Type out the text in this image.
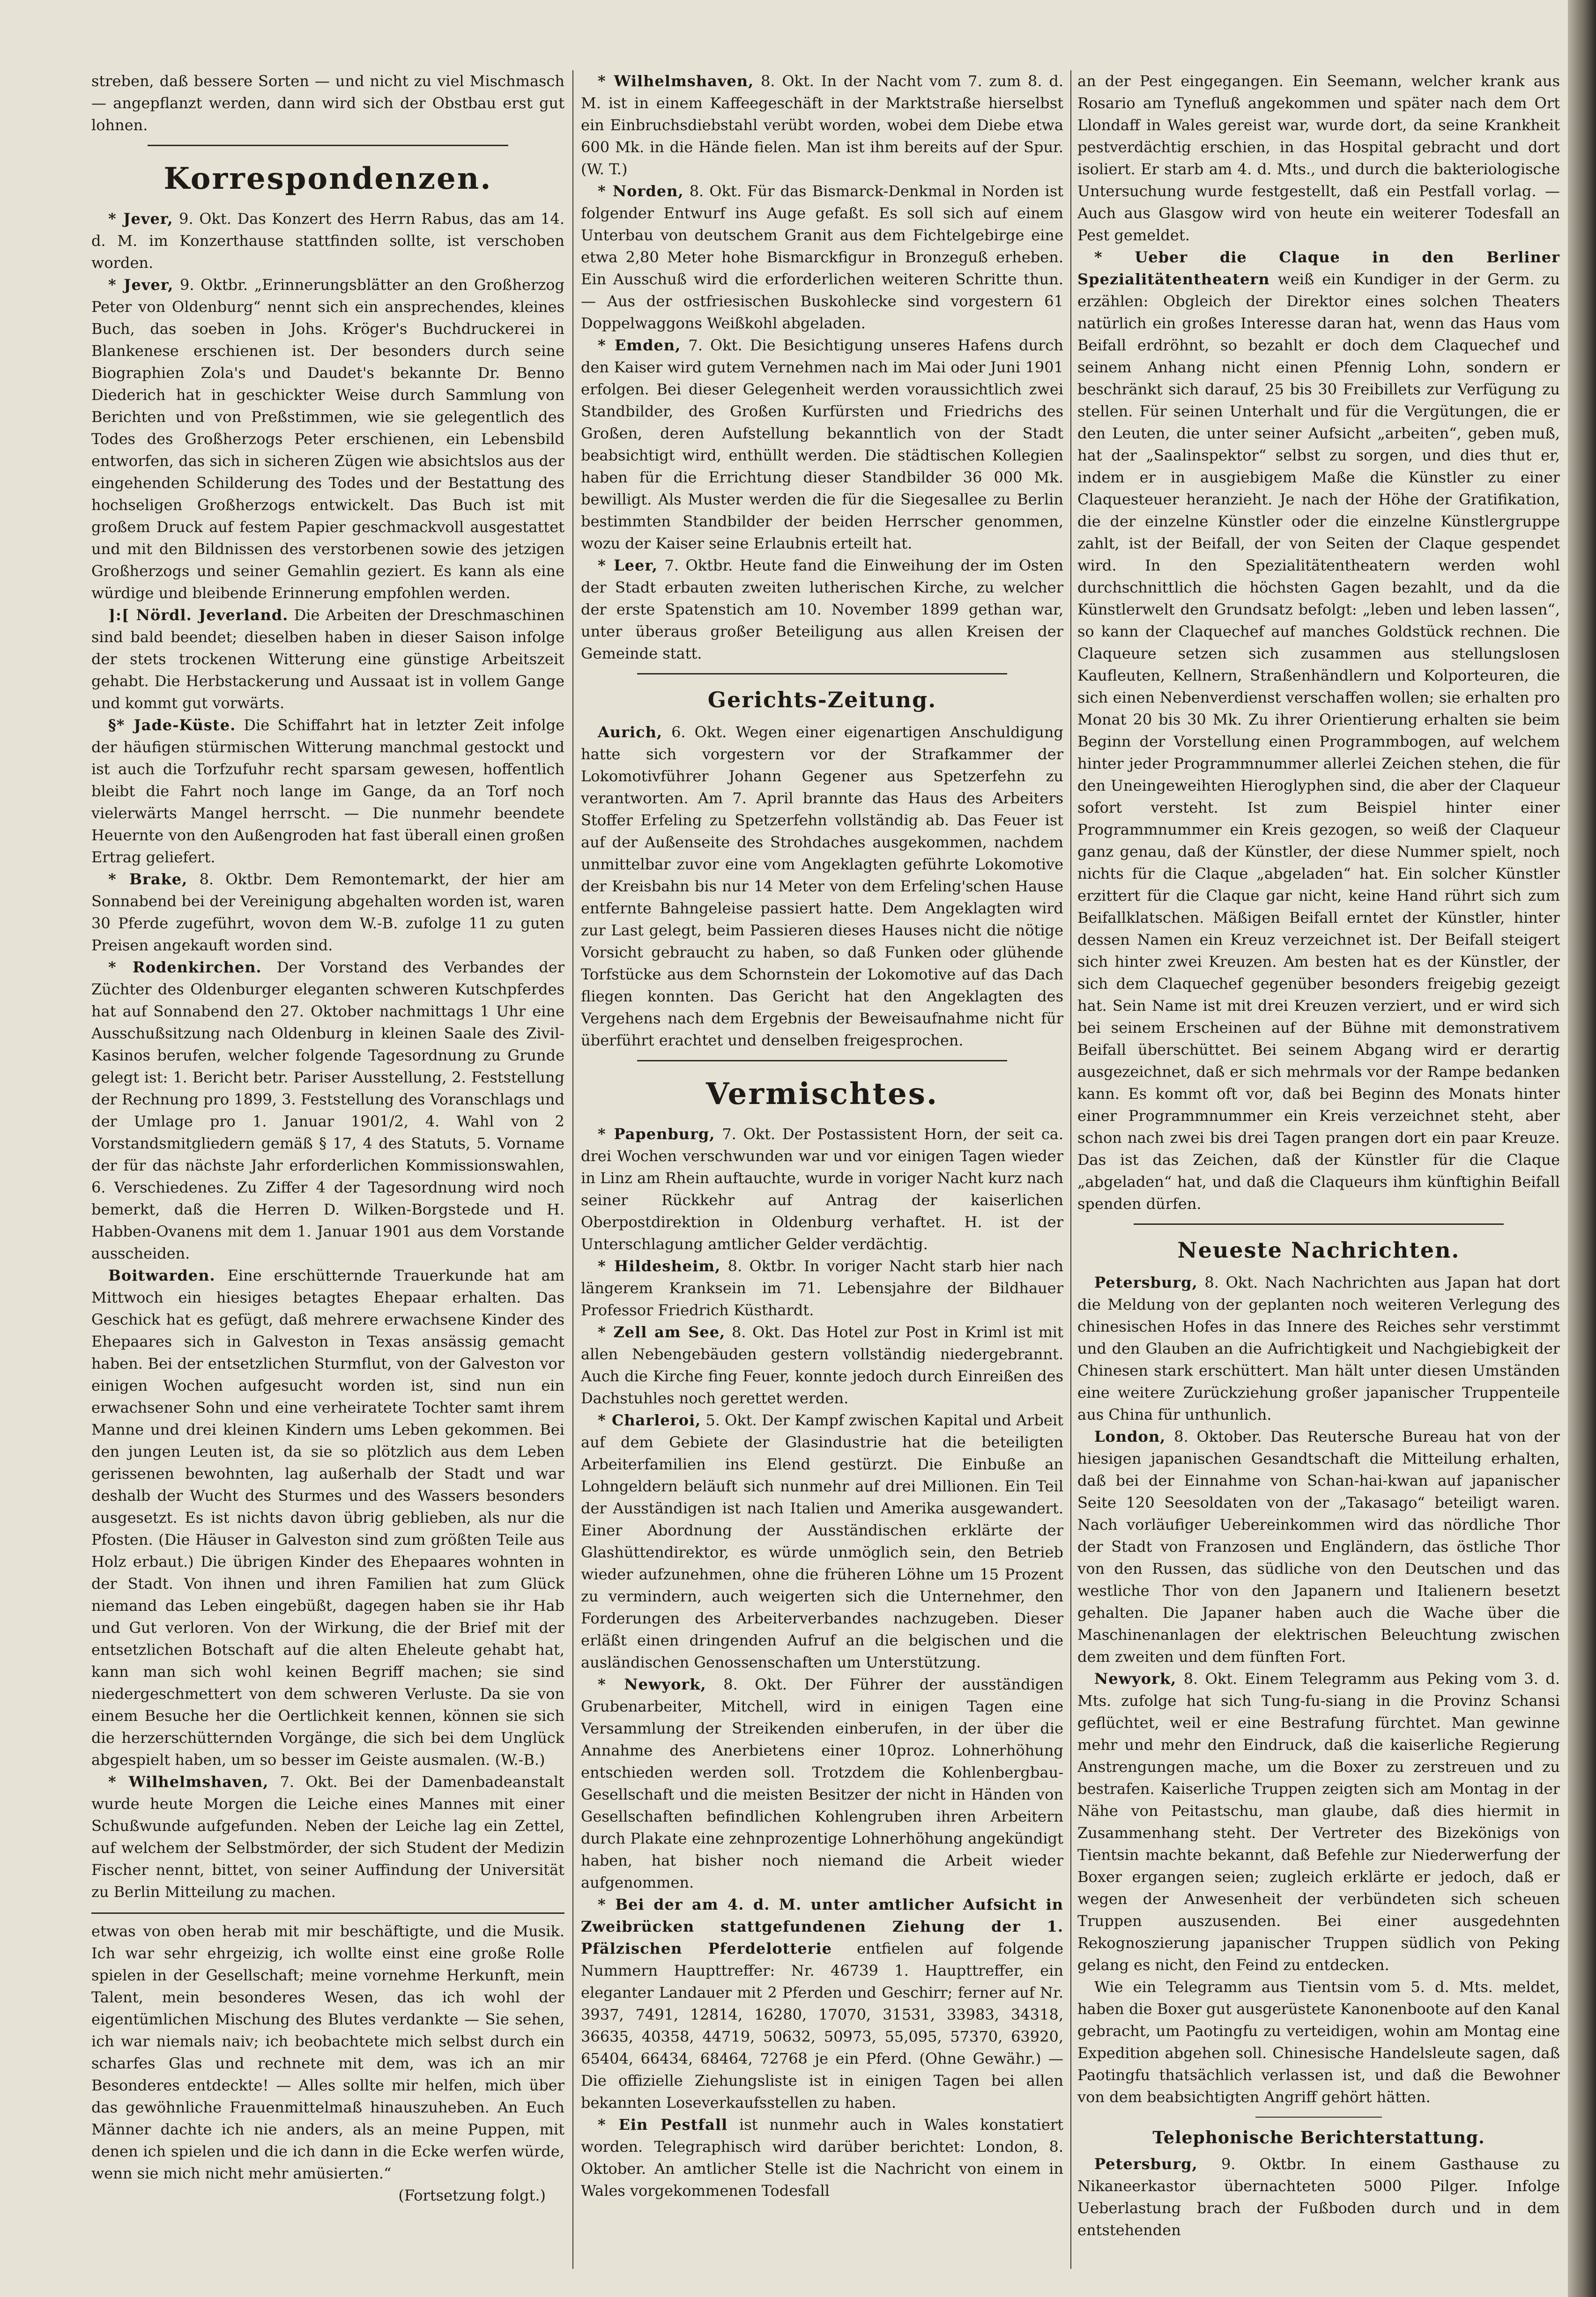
streben, daß bessere Sorten — und nicht zu viel Mischmasch — angepflanzt werden, dann wird sich der Obstbau erst gut lohnen.

Korrespondenzen.

* Jever, 9. Okt. Das Konzert des Herrn Rabus, das am 14. d. M. im Konzerthause stattfinden sollte, ist verschoben worden.

* Jever, 9. Oktbr. „Erinnerungsblätter an den Großherzog Peter von Oldenburg“ nennt sich ein ansprechendes, kleines Buch, das soeben in Johs. Kröger's Buchdruckerei in Blankenese erschienen ist. Der besonders durch seine Biographien Zola's und Daudet's bekannte Dr. Benno Diederich hat in geschickter Weise durch Sammlung von Berichten und von Preßstimmen, wie sie gelegentlich des Todes des Großherzogs Peter erschienen, ein Lebensbild entworfen, das sich in sicheren Zügen wie absichtslos aus der eingehenden Schilderung des Todes und der Bestattung des hochseligen Großherzogs entwickelt. Das Buch ist mit großem Druck auf festem Papier geschmackvoll ausgestattet und mit den Bildnissen des verstorbenen sowie des jetzigen Großherzogs und seiner Gemahlin geziert. Es kann als eine würdige und bleibende Erinnerung empfohlen werden.

]:[ Nördl. Jeverland. Die Arbeiten der Dreschmaschinen sind bald beendet; dieselben haben in dieser Saison infolge der stets trockenen Witterung eine günstige Arbeitszeit gehabt. Die Herbstackerung und Aussaat ist in vollem Gange und kommt gut vorwärts.

§* Jade-Küste. Die Schiffahrt hat in letzter Zeit infolge der häufigen stürmischen Witterung manchmal gestockt und ist auch die Torfzufuhr recht sparsam gewesen, hoffentlich bleibt die Fahrt noch lange im Gange, da an Torf noch vielerwärts Mangel herrscht. — Die nunmehr beendete Heuernte von den Außengroden hat fast überall einen großen Ertrag geliefert.

* Brake, 8. Oktbr. Dem Remontemarkt, der hier am Sonnabend bei der Vereinigung abgehalten worden ist, waren 30 Pferde zugeführt, wovon dem W.-B. zufolge 11 zu guten Preisen angekauft worden sind.

* Rodenkirchen. Der Vorstand des Verbandes der Züchter des Oldenburger eleganten schweren Kutschpferdes hat auf Sonnabend den 27. Oktober nachmittags 1 Uhr eine Ausschußsitzung nach Oldenburg in kleinen Saale des Zivil-Kasinos berufen, welcher folgende Tagesordnung zu Grunde gelegt ist: 1. Bericht betr. Pariser Ausstellung, 2. Feststellung der Rechnung pro 1899, 3. Feststellung des Voranschlags und der Umlage pro 1. Januar 1901/2, 4. Wahl von 2 Vorstandsmitgliedern gemäß § 17, 4 des Statuts, 5. Vorname der für das nächste Jahr erforderlichen Kommissionswahlen, 6. Verschiedenes. Zu Ziffer 4 der Tagesordnung wird noch bemerkt, daß die Herren D. Wilken-Borgstede und H. Habben-Ovanens mit dem 1. Januar 1901 aus dem Vorstande ausscheiden.

Boitwarden. Eine erschütternde Trauerkunde hat am Mittwoch ein hiesiges betagtes Ehepaar erhalten. Das Geschick hat es gefügt, daß mehrere erwachsene Kinder des Ehepaares sich in Galveston in Texas ansässig gemacht haben. Bei der entsetzlichen Sturmflut, von der Galveston vor einigen Wochen aufgesucht worden ist, sind nun ein erwachsener Sohn und eine verheiratete Tochter samt ihrem Manne und drei kleinen Kindern ums Leben gekommen. Bei den jungen Leuten ist, da sie so plötzlich aus dem Leben gerissenen bewohnten, lag außerhalb der Stadt und war deshalb der Wucht des Sturmes und des Wassers besonders ausgesetzt. Es ist nichts davon übrig geblieben, als nur die Pfosten. (Die Häuser in Galveston sind zum größten Teile aus Holz erbaut.) Die übrigen Kinder des Ehepaares wohnten in der Stadt. Von ihnen und ihren Familien hat zum Glück niemand das Leben eingebüßt, dagegen haben sie ihr Hab und Gut verloren. Von der Wirkung, die der Brief mit der entsetzlichen Botschaft auf die alten Eheleute gehabt hat, kann man sich wohl keinen Begriff machen; sie sind niedergeschmettert von dem schweren Verluste. Da sie von einem Besuche her die Oertlichkeit kennen, können sie sich die herzerschütternden Vorgänge, die sich bei dem Unglück abgespielt haben, um so besser im Geiste ausmalen. (W.-B.)

* Wilhelmshaven, 7. Okt. Bei der Damenbadeanstalt wurde heute Morgen die Leiche eines Mannes mit einer Schußwunde aufgefunden. Neben der Leiche lag ein Zettel, auf welchem der Selbstmörder, der sich Student der Medizin Fischer nennt, bittet, von seiner Auffindung der Universität zu Berlin Mitteilung zu machen.

etwas von oben herab mit mir beschäftigte, und die Musik. Ich war sehr ehrgeizig, ich wollte einst eine große Rolle spielen in der Gesellschaft; meine vornehme Herkunft, mein Talent, mein besonderes Wesen, das ich wohl der eigentümlichen Mischung des Blutes verdankte — Sie sehen, ich war niemals naiv; ich beobachtete mich selbst durch ein scharfes Glas und rechnete mit dem, was ich an mir Besonderes entdeckte! — Alles sollte mir helfen, mich über das gewöhnliche Frauenmittelmaß hinauszuheben. An Euch Männer dachte ich nie anders, als an meine Puppen, mit denen ich spielen und die ich dann in die Ecke werfen würde, wenn sie mich nicht mehr amüsierten.“

(Fortsetzung folgt.)

* Wilhelmshaven, 8. Okt. In der Nacht vom 7. zum 8. d. M. ist in einem Kaffeegeschäft in der Marktstraße hierselbst ein Einbruchsdiebstahl verübt worden, wobei dem Diebe etwa 600 Mk. in die Hände fielen. Man ist ihm bereits auf der Spur. (W. T.)

* Norden, 8. Okt. Für das Bismarck-Denkmal in Norden ist folgender Entwurf ins Auge gefaßt. Es soll sich auf einem Unterbau von deutschem Granit aus dem Fichtelgebirge eine etwa 2,80 Meter hohe Bismarckfigur in Bronzeguß erheben. Ein Ausschuß wird die erforderlichen weiteren Schritte thun. — Aus der ostfriesischen Buskohlecke sind vorgestern 61 Doppelwaggons Weißkohl abgeladen.

* Emden, 7. Okt. Die Besichtigung unseres Hafens durch den Kaiser wird gutem Vernehmen nach im Mai oder Juni 1901 erfolgen. Bei dieser Gelegenheit werden voraussichtlich zwei Standbilder, des Großen Kurfürsten und Friedrichs des Großen, deren Aufstellung bekanntlich von der Stadt beabsichtigt wird, enthüllt werden. Die städtischen Kollegien haben für die Errichtung dieser Standbilder 36 000 Mk. bewilligt. Als Muster werden die für die Siegesallee zu Berlin bestimmten Standbilder der beiden Herrscher genommen, wozu der Kaiser seine Erlaubnis erteilt hat.

* Leer, 7. Oktbr. Heute fand die Einweihung der im Osten der Stadt erbauten zweiten lutherischen Kirche, zu welcher der erste Spatenstich am 10. November 1899 gethan war, unter überaus großer Beteiligung aus allen Kreisen der Gemeinde statt.

Gerichts-Zeitung.

Aurich, 6. Okt. Wegen einer eigenartigen Anschuldigung hatte sich vorgestern vor der Strafkammer der Lokomotivführer Johann Gegener aus Spetzerfehn zu verantworten. Am 7. April brannte das Haus des Arbeiters Stoffer Erfeling zu Spetzerfehn vollständig ab. Das Feuer ist auf der Außenseite des Strohdaches ausgekommen, nachdem unmittelbar zuvor eine vom Angeklagten geführte Lokomotive der Kreisbahn bis nur 14 Meter von dem Erfeling'schen Hause entfernte Bahngeleise passiert hatte. Dem Angeklagten wird zur Last gelegt, beim Passieren dieses Hauses nicht die nötige Vorsicht gebraucht zu haben, so daß Funken oder glühende Torfstücke aus dem Schornstein der Lokomotive auf das Dach fliegen konnten. Das Gericht hat den Angeklagten des Vergehens nach dem Ergebnis der Beweisaufnahme nicht für überführt erachtet und denselben freigesprochen.

Vermischtes.

* Papenburg, 7. Okt. Der Postassistent Horn, der seit ca. drei Wochen verschwunden war und vor einigen Tagen wieder in Linz am Rhein auftauchte, wurde in voriger Nacht kurz nach seiner Rückkehr auf Antrag der kaiserlichen Oberpostdirektion in Oldenburg verhaftet. H. ist der Unterschlagung amtlicher Gelder verdächtig.

* Hildesheim, 8. Oktbr. In voriger Nacht starb hier nach längerem Kranksein im 71. Lebensjahre der Bildhauer Professor Friedrich Küsthardt.

* Zell am See, 8. Okt. Das Hotel zur Post in Kriml ist mit allen Nebengebäuden gestern vollständig niedergebrannt. Auch die Kirche fing Feuer, konnte jedoch durch Einreißen des Dachstuhles noch gerettet werden.

* Charleroi, 5. Okt. Der Kampf zwischen Kapital und Arbeit auf dem Gebiete der Glasindustrie hat die beteiligten Arbeiterfamilien ins Elend gestürzt. Die Einbuße an Lohngeldern beläuft sich nunmehr auf drei Millionen. Ein Teil der Ausständigen ist nach Italien und Amerika ausgewandert. Einer Abordnung der Ausständischen erklärte der Glashüttendirektor, es würde unmöglich sein, den Betrieb wieder aufzunehmen, ohne die früheren Löhne um 15 Prozent zu vermindern, auch weigerten sich die Unternehmer, den Forderungen des Arbeiterverbandes nachzugeben. Dieser erläßt einen dringenden Aufruf an die belgischen und die ausländischen Genossenschaften um Unterstützung.

* Newyork, 8. Okt. Der Führer der ausständigen Grubenarbeiter, Mitchell, wird in einigen Tagen eine Versammlung der Streikenden einberufen, in der über die Annahme des Anerbietens einer 10proz. Lohnerhöhung entschieden werden soll. Trotzdem die Kohlenbergbau-Gesellschaft und die meisten Besitzer der nicht in Händen von Gesellschaften befindlichen Kohlengruben ihren Arbeitern durch Plakate eine zehnprozentige Lohnerhöhung angekündigt haben, hat bisher noch niemand die Arbeit wieder aufgenommen.

* Bei der am 4. d. M. unter amtlicher Aufsicht in Zweibrücken stattgefundenen Ziehung der 1. Pfälzischen Pferdelotterie entfielen auf folgende Nummern Haupttreffer: Nr. 46739 1. Haupttreffer, ein eleganter Landauer mit 2 Pferden und Geschirr; ferner auf Nr. 3937, 7491, 12814, 16280, 17070, 31531, 33983, 34318, 36635, 40358, 44719, 50632, 50973, 55,095, 57370, 63920, 65404, 66434, 68464, 72768 je ein Pferd. (Ohne Gewähr.) — Die offizielle Ziehungsliste ist in einigen Tagen bei allen bekannten Loseverkaufsstellen zu haben.

* Ein Pestfall ist nunmehr auch in Wales konstatiert worden. Telegraphisch wird darüber berichtet: London, 8. Oktober. An amtlicher Stelle ist die Nachricht von einem in Wales vorgekommenen Todesfall

an der Pest eingegangen. Ein Seemann, welcher krank aus Rosario am Tynefluß angekommen und später nach dem Ort Llondaff in Wales gereist war, wurde dort, da seine Krankheit pestverdächtig erschien, in das Hospital gebracht und dort isoliert. Er starb am 4. d. Mts., und durch die bakteriologische Untersuchung wurde festgestellt, daß ein Pestfall vorlag. — Auch aus Glasgow wird von heute ein weiterer Todesfall an Pest gemeldet.

* Ueber die Claque in den Berliner Spezialitätentheatern weiß ein Kundiger in der Germ. zu erzählen: Obgleich der Direktor eines solchen Theaters natürlich ein großes Interesse daran hat, wenn das Haus vom Beifall erdröhnt, so bezahlt er doch dem Claquechef und seinem Anhang nicht einen Pfennig Lohn, sondern er beschränkt sich darauf, 25 bis 30 Freibillets zur Verfügung zu stellen. Für seinen Unterhalt und für die Vergütungen, die er den Leuten, die unter seiner Aufsicht „arbeiten“, geben muß, hat der „Saalinspektor“ selbst zu sorgen, und dies thut er, indem er in ausgiebigem Maße die Künstler zu einer Claquesteuer heranzieht. Je nach der Höhe der Gratifikation, die der einzelne Künstler oder die einzelne Künstlergruppe zahlt, ist der Beifall, der von Seiten der Claque gespendet wird. In den Spezialitätentheatern werden wohl durchschnittlich die höchsten Gagen bezahlt, und da die Künstlerwelt den Grundsatz befolgt: „leben und leben lassen“, so kann der Claquechef auf manches Goldstück rechnen. Die Claqueure setzen sich zusammen aus stellungslosen Kaufleuten, Kellnern, Straßenhändlern und Kolporteuren, die sich einen Nebenverdienst verschaffen wollen; sie erhalten pro Monat 20 bis 30 Mk. Zu ihrer Orientierung erhalten sie beim Beginn der Vorstellung einen Programmbogen, auf welchem hinter jeder Programmnummer allerlei Zeichen stehen, die für den Uneingeweihten Hieroglyphen sind, die aber der Claqueur sofort versteht. Ist zum Beispiel hinter einer Programmnummer ein Kreis gezogen, so weiß der Claqueur ganz genau, daß der Künstler, der diese Nummer spielt, noch nichts für die Claque „abgeladen“ hat. Ein solcher Künstler erzittert für die Claque gar nicht, keine Hand rührt sich zum Beifallklatschen. Mäßigen Beifall erntet der Künstler, hinter dessen Namen ein Kreuz verzeichnet ist. Der Beifall steigert sich hinter zwei Kreuzen. Am besten hat es der Künstler, der sich dem Claquechef gegenüber besonders freigebig gezeigt hat. Sein Name ist mit drei Kreuzen verziert, und er wird sich bei seinem Erscheinen auf der Bühne mit demonstrativem Beifall überschüttet. Bei seinem Abgang wird er derartig ausgezeichnet, daß er sich mehrmals vor der Rampe bedanken kann. Es kommt oft vor, daß bei Beginn des Monats hinter einer Programmnummer ein Kreis verzeichnet steht, aber schon nach zwei bis drei Tagen prangen dort ein paar Kreuze. Das ist das Zeichen, daß der Künstler für die Claque „abgeladen“ hat, und daß die Claqueurs ihm künftighin Beifall spenden dürfen.

Neueste Nachrichten.

Petersburg, 8. Okt. Nach Nachrichten aus Japan hat dort die Meldung von der geplanten noch weiteren Verlegung des chinesischen Hofes in das Innere des Reiches sehr verstimmt und den Glauben an die Aufrichtigkeit und Nachgiebigkeit der Chinesen stark erschüttert. Man hält unter diesen Umständen eine weitere Zurückziehung großer japanischer Truppenteile aus China für unthunlich.

London, 8. Oktober. Das Reutersche Bureau hat von der hiesigen japanischen Gesandtschaft die Mitteilung erhalten, daß bei der Einnahme von Schan-hai-kwan auf japanischer Seite 120 Seesoldaten von der „Takasago“ beteiligt waren. Nach vorläufiger Uebereinkommen wird das nördliche Thor der Stadt von Franzosen und Engländern, das östliche Thor von den Russen, das südliche von den Deutschen und das westliche Thor von den Japanern und Italienern besetzt gehalten. Die Japaner haben auch die Wache über die Maschinenanlagen der elektrischen Beleuchtung zwischen dem zweiten und dem fünften Fort.

Newyork, 8. Okt. Einem Telegramm aus Peking vom 3. d. Mts. zufolge hat sich Tung-fu-siang in die Provinz Schansi geflüchtet, weil er eine Bestrafung fürchtet. Man gewinne mehr und mehr den Eindruck, daß die kaiserliche Regierung Anstrengungen mache, um die Boxer zu zerstreuen und zu bestrafen. Kaiserliche Truppen zeigten sich am Montag in der Nähe von Peitastschu, man glaube, daß dies hiermit in Zusammenhang steht. Der Vertreter des Bizekönigs von Tientsin machte bekannt, daß Befehle zur Niederwerfung der Boxer ergangen seien; zugleich erklärte er jedoch, daß er wegen der Anwesenheit der verbündeten sich scheuen Truppen auszusenden. Bei einer ausgedehnten Rekognoszierung japanischer Truppen südlich von Peking gelang es nicht, den Feind zu entdecken.

Wie ein Telegramm aus Tientsin vom 5. d. Mts. meldet, haben die Boxer gut ausgerüstete Kanonenboote auf den Kanal gebracht, um Paotingfu zu verteidigen, wohin am Montag eine Expedition abgehen soll. Chinesische Handelsleute sagen, daß Paotingfu thatsächlich verlassen ist, und daß die Bewohner von dem beabsichtigten Angriff gehört hätten.

Telephonische Berichterstattung.

Petersburg, 9. Oktbr. In einem Gasthause zu Nikaneerkastor übernachteten 5000 Pilger. Infolge Ueberlastung brach der Fußboden durch und in dem entstehenden
